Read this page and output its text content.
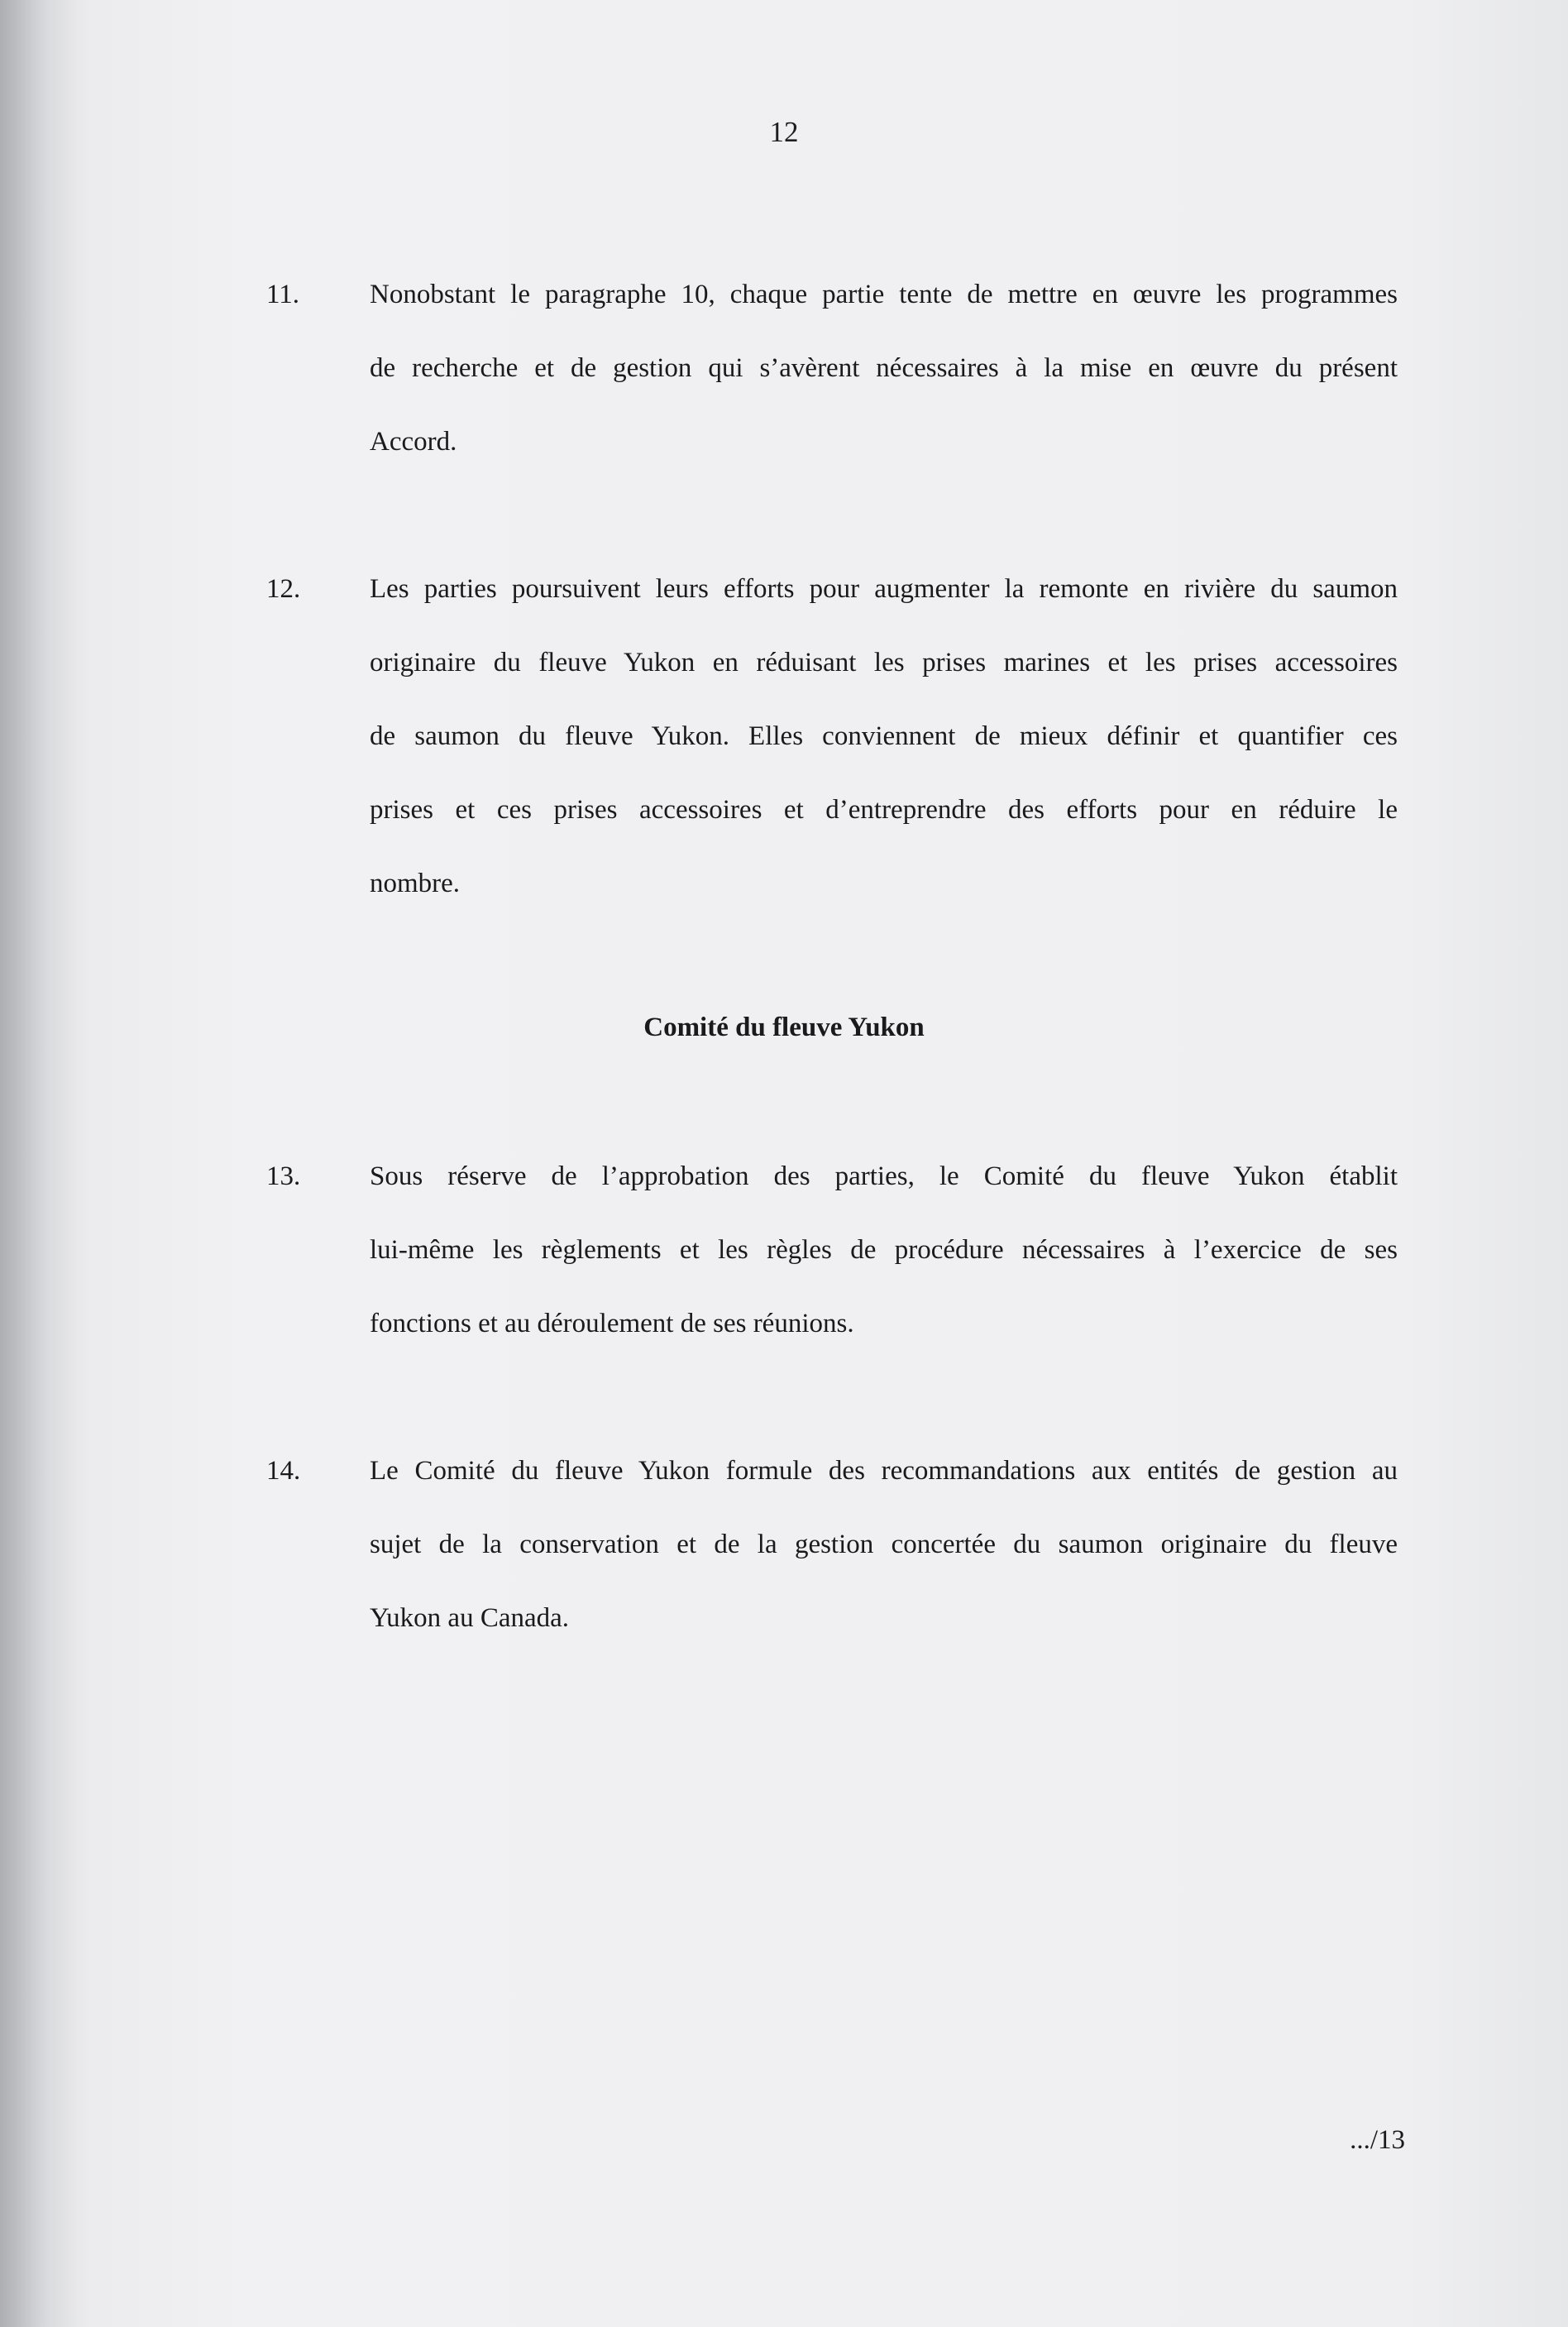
12
11.	Nonobstant le paragraphe 10, chaque partie tente de mettre en œuvre les programmes
de recherche et de gestion qui s’avèrent nécessaires à la mise en œuvre du présent
Accord.
12.	Les parties poursuivent leurs efforts pour augmenter la remonte en rivière du saumon
originaire du fleuve Yukon en réduisant les prises marines et les prises accessoires
de saumon du fleuve Yukon. Elles conviennent de mieux définir et quantifier ces
prises et ces prises accessoires et d’entreprendre des efforts pour en réduire le
nombre.
Comité du fleuve Yukon
13.	Sous réserve de l’approbation des parties, le Comité du fleuve Yukon établit
lui-même les règlements et les règles de procédure nécessaires à l’exercice de ses
fonctions et au déroulement de ses réunions.
14.	Le Comité du fleuve Yukon formule des recommandations aux entités de gestion au
sujet de la conservation et de la gestion concertée du saumon originaire du fleuve
Yukon au Canada.
.../13
